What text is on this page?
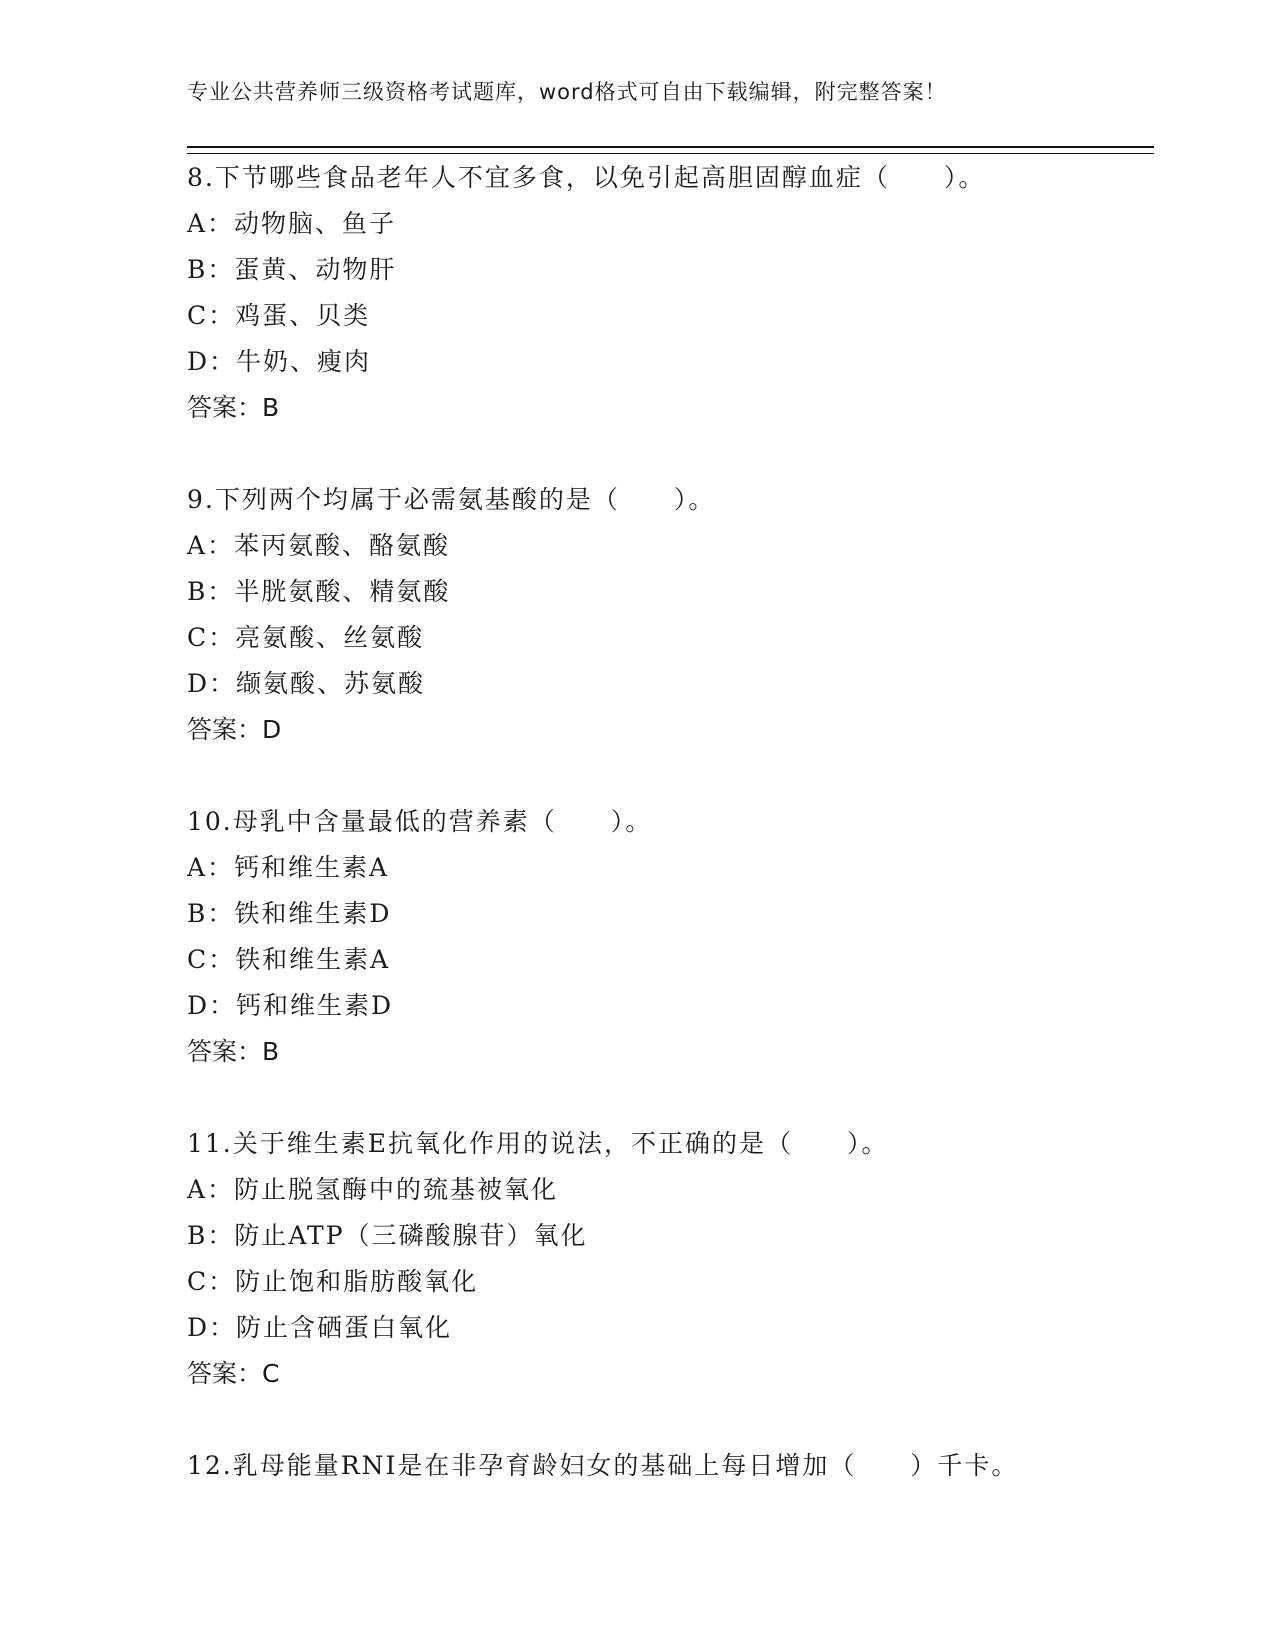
专业公共营养师三级资格考试题库，word格式可自由下载编辑，附完整答案！
8.下节哪些食品老年人不宜多食，以免引起高胆固醇血症（　　）。
A：动物脑、鱼子
B：蛋黄、动物肝
C：鸡蛋、贝类
D：牛奶、瘦肉
答案：B
9.下列两个均属于必需氨基酸的是（　　）。
A：苯丙氨酸、酪氨酸
B：半胱氨酸、精氨酸
C：亮氨酸、丝氨酸
D：缬氨酸、苏氨酸
答案：D
10.母乳中含量最低的营养素（　　）。
A：钙和维生素A
B：铁和维生素D
C：铁和维生素A
D：钙和维生素D
答案：B
11.关于维生素E抗氧化作用的说法，不正确的是（　　）。
A：防止脱氢酶中的巯基被氧化
B：防止ATP（三磷酸腺苷）氧化
C：防止饱和脂肪酸氧化
D：防止含硒蛋白氧化
答案：C
12.乳母能量RNI是在非孕育龄妇女的基础上每日增加（　　）千卡。
